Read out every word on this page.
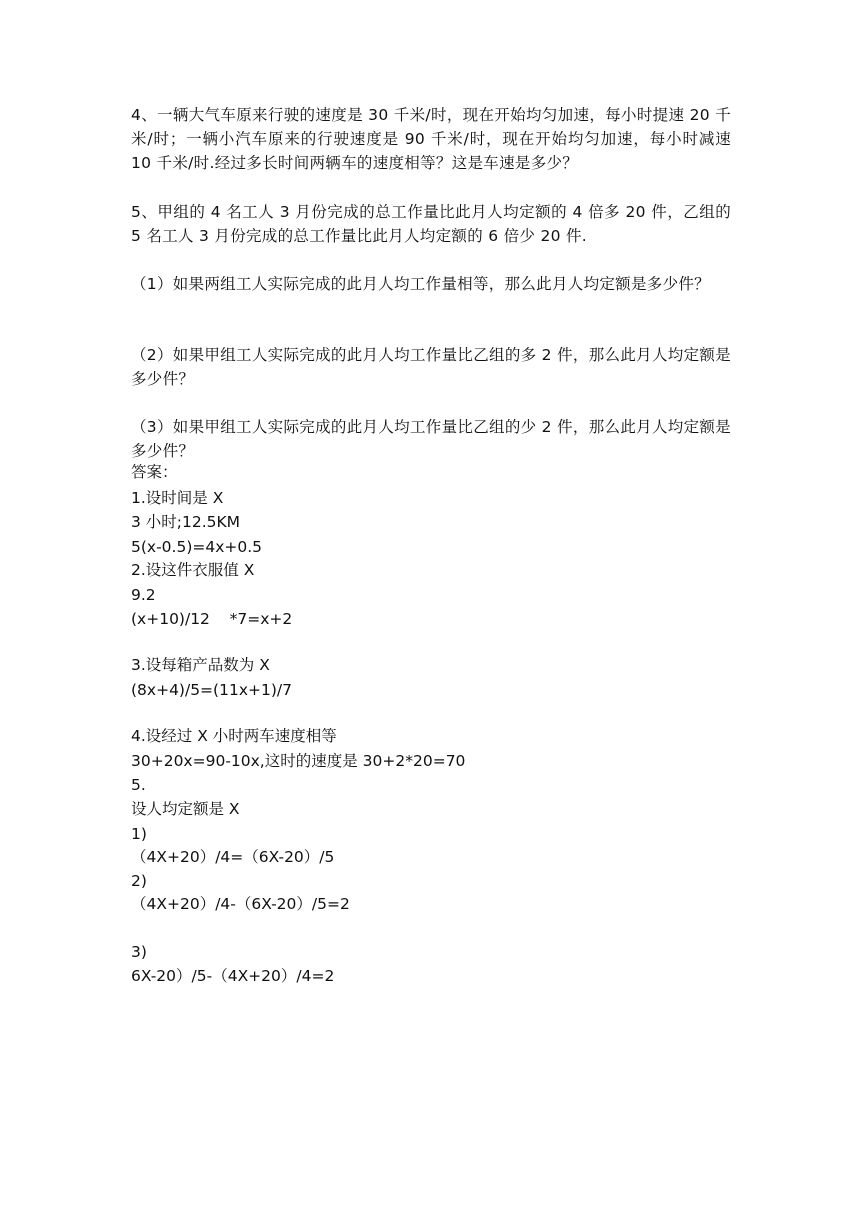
4、一辆大气车原来行驶的速度是 30 千米/时，现在开始均匀加速，每小时提速 20 千米/时；一辆小汽车原来的行驶速度是 90 千米/时，现在开始均匀加速，每小时减速 10 千米/时.经过多长时间两辆车的速度相等？这是车速是多少？

5、甲组的 4 名工人 3 月份完成的总工作量比此月人均定额的 4 倍多 20 件，乙组的 5 名工人 3 月份完成的总工作量比此月人均定额的 6 倍少 20 件.

（1）如果两组工人实际完成的此月人均工作量相等，那么此月人均定额是多少件？

（2）如果甲组工人实际完成的此月人均工作量比乙组的多 2 件，那么此月人均定额是多少件？

（3）如果甲组工人实际完成的此月人均工作量比乙组的少 2 件，那么此月人均定额是多少件？

答案：
1.设时间是 X
3 小时;12.5KM
5(x-0.5)=4x+0.5
2.设这件衣服值 X
9.2
(x+10)/12    *7=x+2
3.设每箱产品数为 X
(8x+4)/5=(11x+1)/7
4.设经过 X 小时两车速度相等
30+20x=90-10x,这时的速度是 30+2*20=70
5.
设人均定额是 X
1)
（4X+20）/4=（6X-20）/5
2)
（4X+20）/4-（6X-20）/5=2
3)
6X-20）/5-（4X+20）/4=2
